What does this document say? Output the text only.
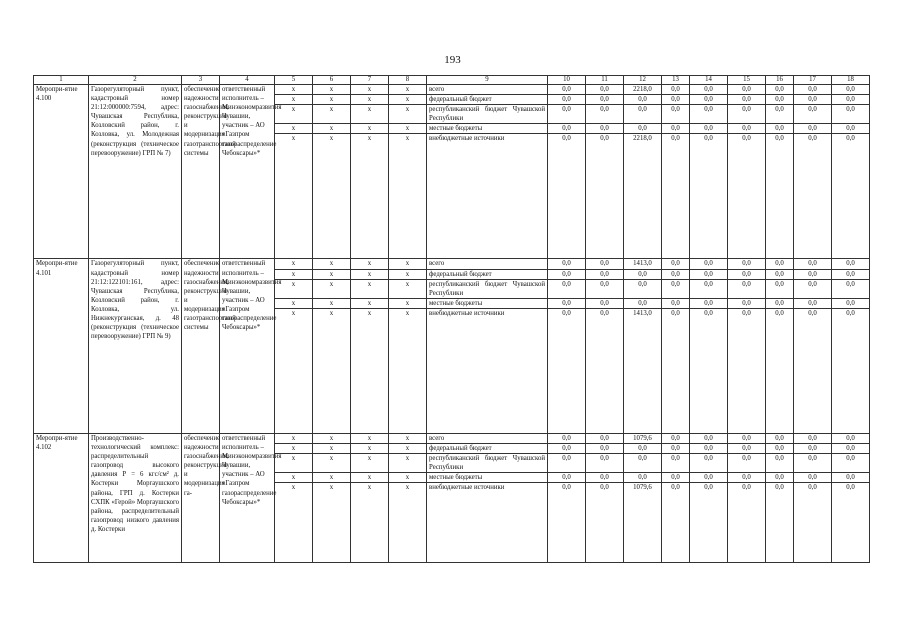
193
1	2	3	4	5	6	7	8	9	10	11	12	13	14	15	16	17	18
Меропри-ятие 4.100	Газорегуляторный пункт, кадастровый номер 21:12:000000:7594, адрес: Чувашская Республика, Козловский район, г. Козловка, ул. Молодежная (реконструкция (техническое перевооружение) ГРП № 7)	обеспечение надежности газоснабжения, реконструкция и модернизация газотранспортной системы	ответственный исполнитель – Минэкономразвития Чувашии, участник – АО «Газпром газораспределение Чебоксары»*	x	x	x	x	всего	0,0	0,0	2218,0	0,0	0,0	0,0	0,0	0,0	0,0
				x	x	x	x	федеральный бюджет	0,0	0,0	0,0	0,0	0,0	0,0	0,0	0,0	0,0
				x	x	x	x	республиканский бюджет Чувашской Республики	0,0	0,0	0,0	0,0	0,0	0,0	0,0	0,0	0,0
				x	x	x	x	местные бюджеты	0,0	0,0	0,0	0,0	0,0	0,0	0,0	0,0	0,0
				x	x	x	x	внебюджетные источники	0,0	0,0	2218,0	0,0	0,0	0,0	0,0	0,0	0,0
Меропри-ятие 4.101	Газорегуляторный пункт, кадастровый номер 21:12:122101:161, адрес: Чувашская Республика, Козловский район, г. Козловка, ул. Нижнекурганская, д. 48 (реконструкция (техническое перевооружение) ГРП № 9)	обеспечение надежности газоснабжения, реконструкция и модернизация газотранспортной системы	ответственный исполнитель – Минэкономразвития Чувашии, участник – АО «Газпром газораспределение Чебоксары»*	x	x	x	x	всего	0,0	0,0	1413,0	0,0	0,0	0,0	0,0	0,0	0,0
				x	x	x	x	федеральный бюджет	0,0	0,0	0,0	0,0	0,0	0,0	0,0	0,0	0,0
				x	x	x	x	республиканский бюджет Чувашской Республики	0,0	0,0	0,0	0,0	0,0	0,0	0,0	0,0	0,0
				x	x	x	x	местные бюджеты	0,0	0,0	0,0	0,0	0,0	0,0	0,0	0,0	0,0
				x	x	x	x	внебюджетные источники	0,0	0,0	1413,0	0,0	0,0	0,0	0,0	0,0	0,0
Меропри-ятие 4.102	Производственно-технологический комплекс: распределительный газопровод высокого давления Р = 6 кгс/см² д. Костерки Моргаушского района, ГРП д. Костерки СХПК «Герой» Моргаушского района, распределительный газопровод низкого давления д. Костерки	обеспечение надежности газоснабжения, реконструкция и модернизация га-	ответственный исполнитель – Минэкономразвития Чувашии, участник – АО «Газпром газораспределение Чебоксары»*	x	x	x	x	всего	0,0	0,0	1079,6	0,0	0,0	0,0	0,0	0,0	0,0
				x	x	x	x	федеральный бюджет	0,0	0,0	0,0	0,0	0,0	0,0	0,0	0,0	0,0
				x	x	x	x	республиканский бюджет Чувашской Республики	0,0	0,0	0,0	0,0	0,0	0,0	0,0	0,0	0,0
				x	x	x	x	местные бюджеты	0,0	0,0	0,0	0,0	0,0	0,0	0,0	0,0	0,0
				x	x	x	x	внебюджетные источники	0,0	0,0	1079,6	0,0	0,0	0,0	0,0	0,0	0,0
